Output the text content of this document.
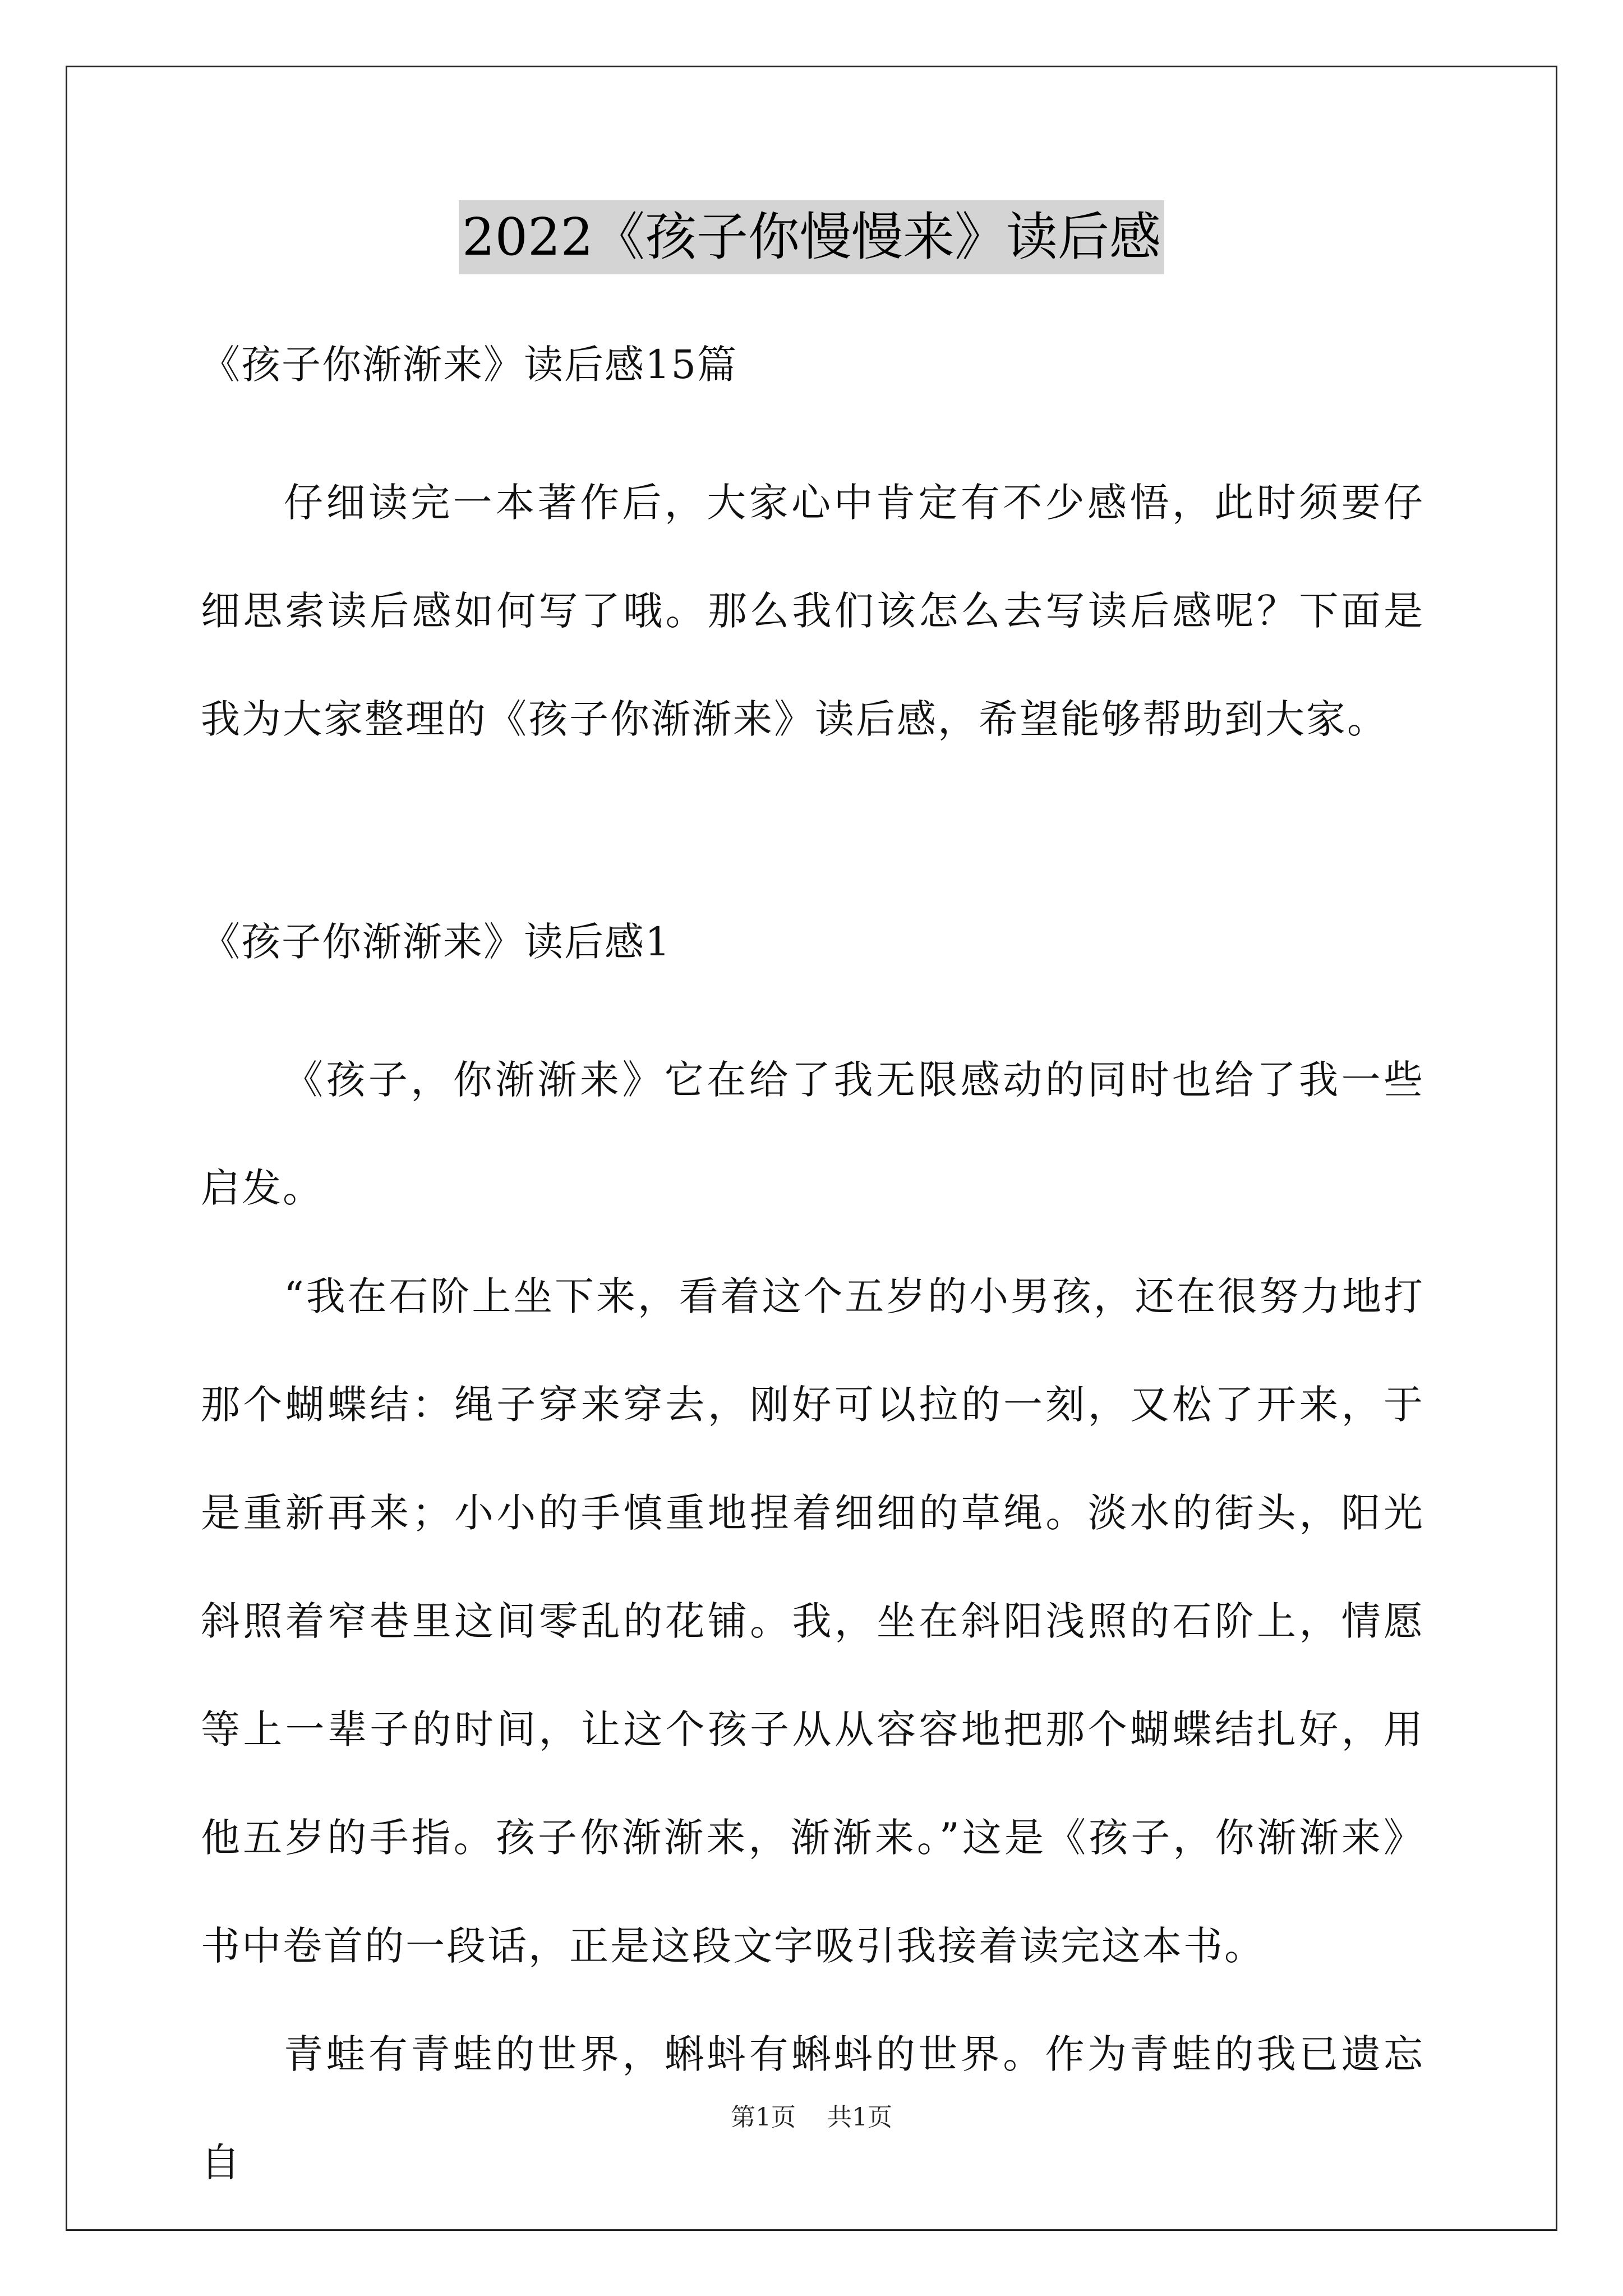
2022《孩子你慢慢来》读后感

《孩子你渐渐来》读后感15篇

仔细读完一本著作后，大家心中肯定有不少感悟，此时须要仔细思索读后感如何写了哦。那么我们该怎么去写读后感呢？下面是我为大家整理的《孩子你渐渐来》读后感，希望能够帮助到大家。

《孩子你渐渐来》读后感1

《孩子，你渐渐来》它在给了我无限感动的同时也给了我一些启发。

“我在石阶上坐下来，看着这个五岁的小男孩，还在很努力地打那个蝴蝶结：绳子穿来穿去，刚好可以拉的一刻，又松了开来，于是重新再来；小小的手慎重地捏着细细的草绳。淡水的街头，阳光斜照着窄巷里这间零乱的花铺。我，坐在斜阳浅照的石阶上，情愿等上一辈子的时间，让这个孩子从从容容地把那个蝴蝶结扎好，用他五岁的手指。孩子你渐渐来，渐渐来。”这是《孩子，你渐渐来》书中卷首的一段话，正是这段文字吸引我接着读完这本书。

青蛙有青蛙的世界，蝌蚪有蝌蚪的世界。作为青蛙的我已遗忘自

第1页 共1页
